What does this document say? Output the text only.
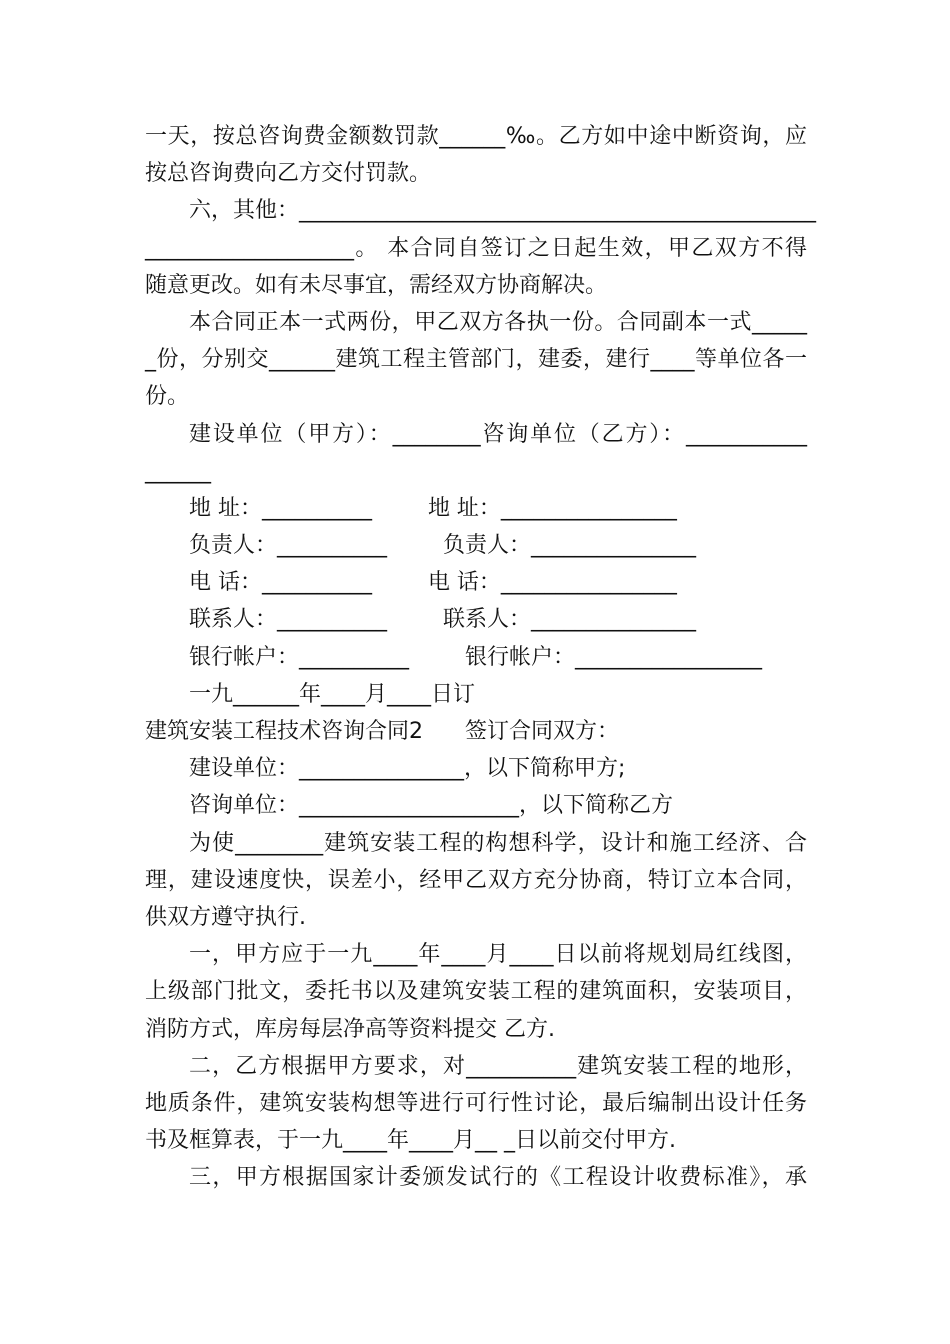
一天，按总咨询费金额数罚款______‰。乙方如中途中断资询，应
按总咨询费向乙方交付罚款。
六，其他：_______________________________________________
___________________。 本合同自签订之日起生效，甲乙双方不得
随意更改。如有未尽事宜，需经双方协商解决。
本合同正本一式两份，甲乙双方各执一份。合同副本一式_____
_份，分别交______建筑工程主管部门，建委，建行____等单位各一
份。
建设单位（甲方）：________咨询单位（乙方）：___________
______
地 址：__________        地 址：________________
负责人：__________        负责人：_______________
电 话：__________        电 话：________________
联系人：__________        联系人：_______________
银行帐户：__________        银行帐户：_________________
一九______年____月____日订
建筑安装工程技术咨询合同2      签订合同双方：
建设单位：_______________，以下简称甲方;
咨询单位：____________________，以下简称乙方
为使________建筑安装工程的构想科学，设计和施工经济、合
理，建设速度快，误差小，经甲乙双方充分协商，特订立本合同，
供双方遵守执行.
一，甲方应于一九____年____月____日以前将规划局红线图，
上级部门批文，委托书以及建筑安装工程的建筑面积，安装项目，
消防方式，库房每层净高等资料提交 乙方.
二，乙方根据甲方要求，对__________建筑安装工程的地形，
地质条件，建筑安装构想等进行可行性讨论，最后编制出设计任务
书及框算表，于一九____年____月__ _日以前交付甲方.
三，甲方根据国家计委颁发试行的《工程设计收费标准》，承
